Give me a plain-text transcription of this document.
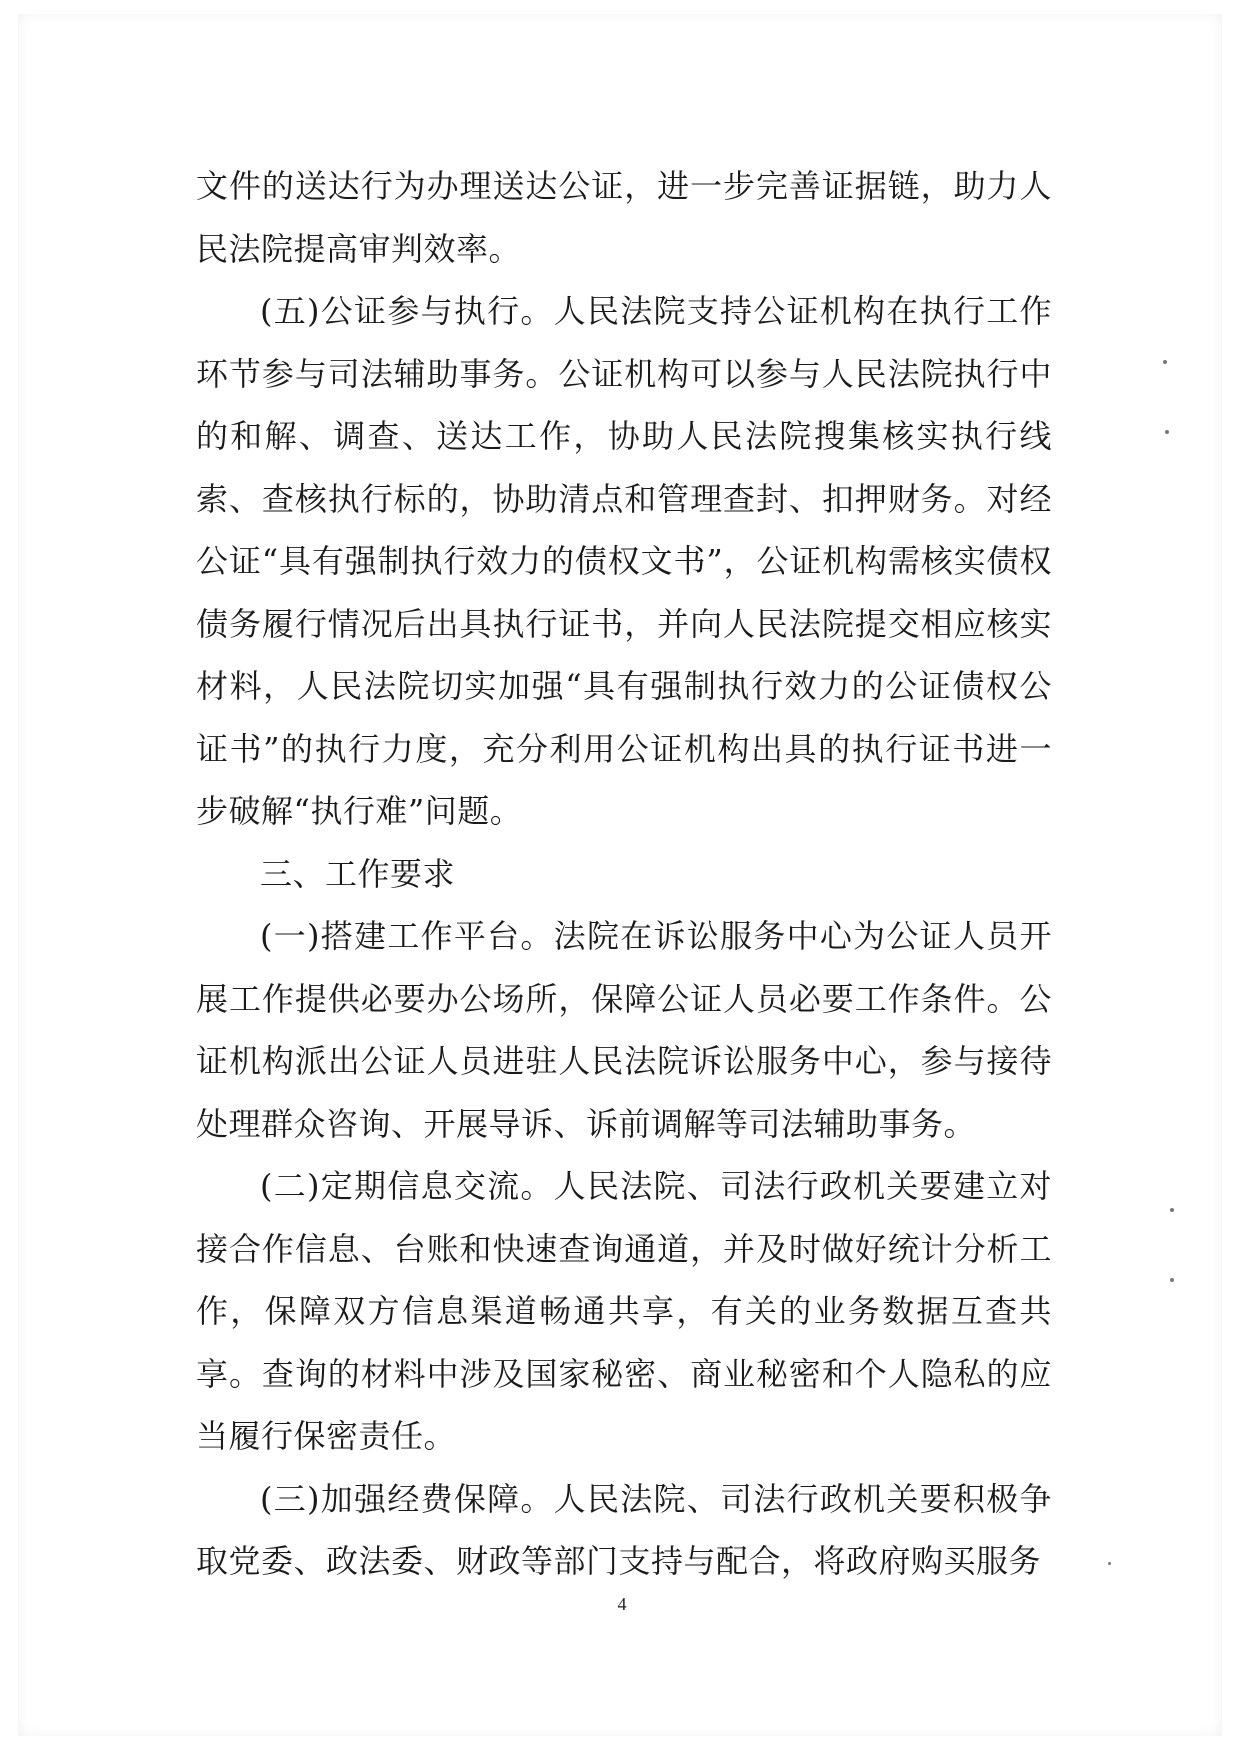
文件的送达行为办理送达公证，进一步完善证据链，助力人民法院提高审判效率。

(五)公证参与执行。人民法院支持公证机构在执行工作环节参与司法辅助事务。公证机构可以参与人民法院执行中的和解、调查、送达工作，协助人民法院搜集核实执行线索、查核执行标的，协助清点和管理查封、扣押财务。对经公证“具有强制执行效力的债权文书”，公证机构需核实债权债务履行情况后出具执行证书，并向人民法院提交相应核实材料，人民法院切实加强“具有强制执行效力的公证债权公证书”的执行力度，充分利用公证机构出具的执行证书进一步破解“执行难”问题。

三、工作要求

(一)搭建工作平台。法院在诉讼服务中心为公证人员开展工作提供必要办公场所，保障公证人员必要工作条件。公证机构派出公证人员进驻人民法院诉讼服务中心，参与接待处理群众咨询、开展导诉、诉前调解等司法辅助事务。

(二)定期信息交流。人民法院、司法行政机关要建立对接合作信息、台账和快速查询通道，并及时做好统计分析工作，保障双方信息渠道畅通共享，有关的业务数据互查共享。查询的材料中涉及国家秘密、商业秘密和个人隐私的应当履行保密责任。

(三)加强经费保障。人民法院、司法行政机关要积极争取党委、政法委、财政等部门支持与配合，将政府购买服务

4
